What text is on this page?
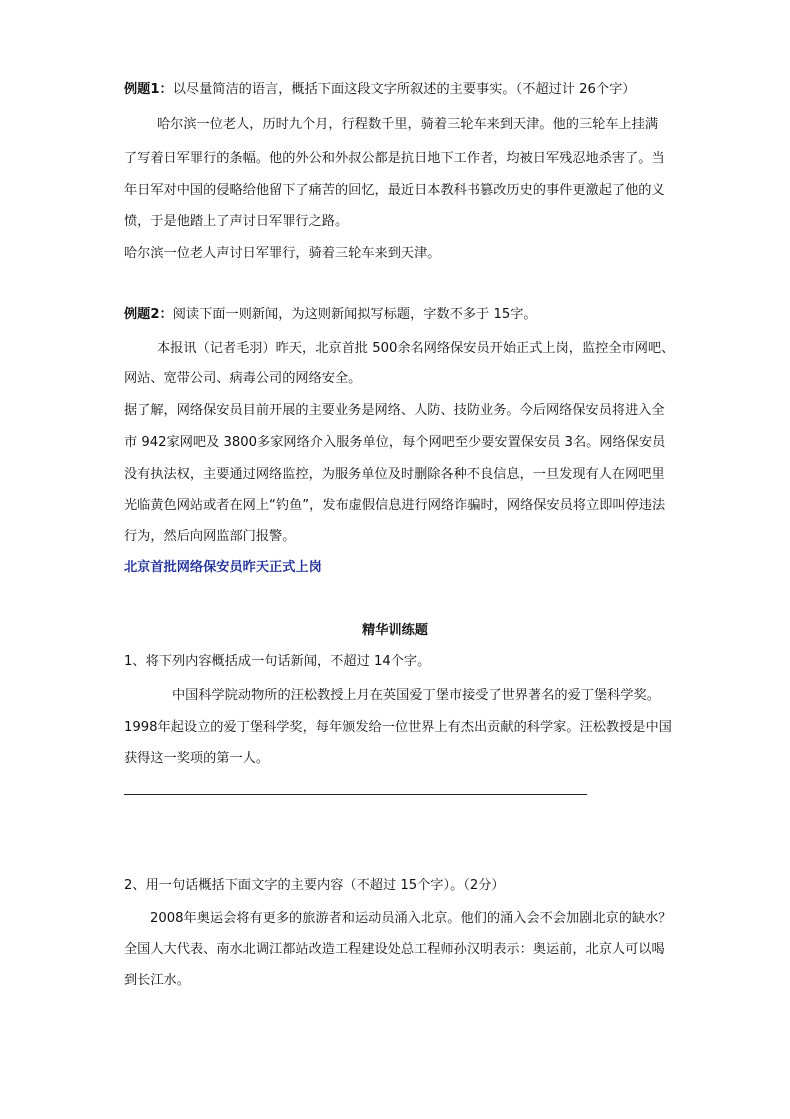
例题1：以尽量简洁的语言，概括下面这段文字所叙述的主要事实。（不超过计 26个字）
哈尔滨一位老人，历时九个月，行程数千里，骑着三轮车来到天津。他的三轮车上挂满
了写着日军罪行的条幅。他的外公和外叔公都是抗日地下工作者，均被日军残忍地杀害了。当
年日军对中国的侵略给他留下了痛苦的回忆，最近日本教科书篡改历史的事件更激起了他的义
愤，于是他踏上了声讨日军罪行之路。
哈尔滨一位老人声讨日军罪行，骑着三轮车来到天津。
例题2：阅读下面一则新闻，为这则新闻拟写标题，字数不多于 15字。
本报讯（记者毛羽）昨天，北京首批 500余名网络保安员开始正式上岗，监控全市网吧、
网站、宽带公司、病毒公司的网络安全。
据了解，网络保安员目前开展的主要业务是网络、人防、技防业务。今后网络保安员将进入全
市 942家网吧及 3800多家网络介入服务单位，每个网吧至少要安置保安员 3名。网络保安员
没有执法权，主要通过网络监控，为服务单位及时删除各种不良信息，一旦发现有人在网吧里
光临黄色网站或者在网上“钓鱼”，发布虚假信息进行网络诈骗时，网络保安员将立即叫停违法
行为，然后向网监部门报警。
北京首批网络保安员昨天正式上岗
精华训练题
1、将下列内容概括成一句话新闻，不超过 14个字。
中国科学院动物所的汪松教授上月在英国爱丁堡市接受了世界著名的爱丁堡科学奖。
1998年起设立的爱丁堡科学奖，每年颁发给一位世界上有杰出贡献的科学家。汪松教授是中国
获得这一奖项的第一人。
2、用一句话概括下面文字的主要内容（不超过 15个字）。（2分）
2008年奥运会将有更多的旅游者和运动员涌入北京。他们的涌入会不会加剧北京的缺水？
全国人大代表、南水北调江都站改造工程建设处总工程师孙汉明表示：奥运前，北京人可以喝
到长江水。
